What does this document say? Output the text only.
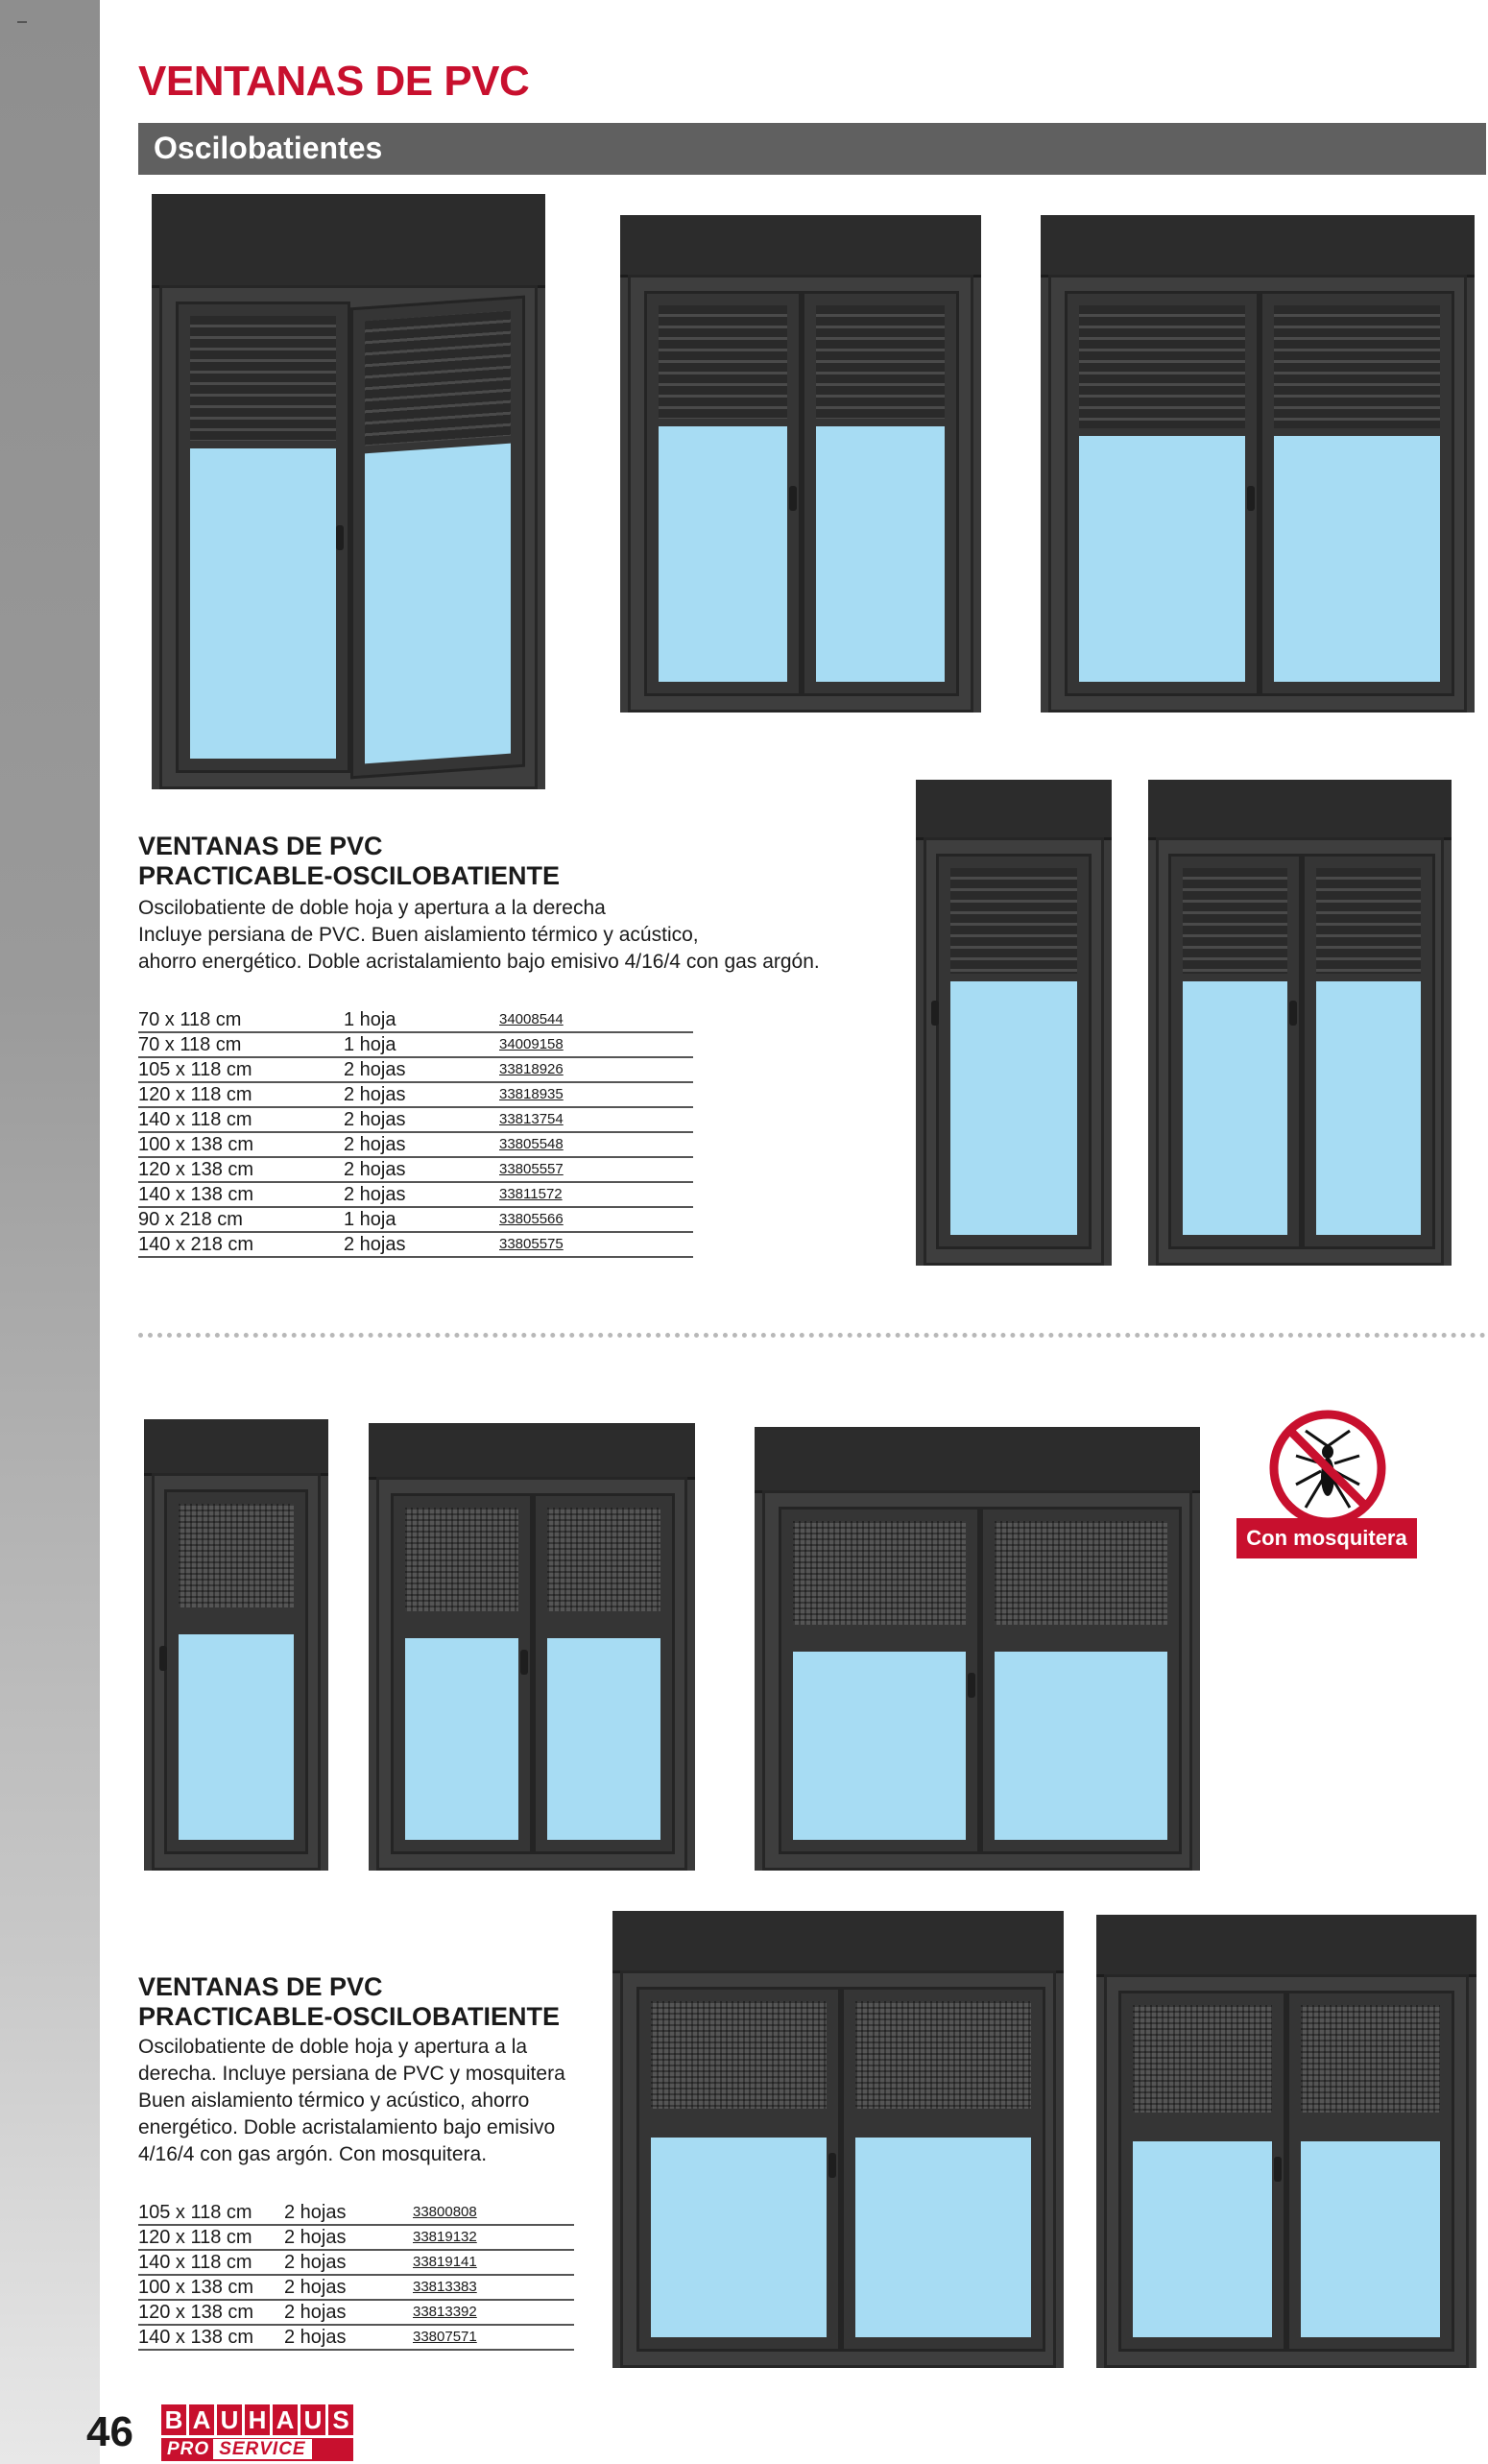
VENTANAS DE PVC
Oscilobatientes
VENTANAS DE PVC
PRACTICABLE-OSCILOBATIENTE

Oscilobatiente de doble hoja y apertura a la derecha
Incluye persiana de PVC. Buen aislamiento térmico y acústico,
ahorro energético. Doble acristalamiento bajo emisivo 4/16/4 con gas argón.

70 x 118 cm	1 hoja	34008544
70 x 118 cm	1 hoja	34009158
105 x 118 cm	2 hojas	33818926
120 x 118 cm	2 hojas	33818935
140 x 118 cm	2 hojas	33813754
100 x 138 cm	2 hojas	33805548
120 x 138 cm	2 hojas	33805557
140 x 138 cm	2 hojas	33811572
90 x 218 cm	1 hoja	33805566
140 x 218 cm	2 hojas	33805575
Con mosquitera
VENTANAS DE PVC
PRACTICABLE-OSCILOBATIENTE

Oscilobatiente de doble hoja y apertura a la
derecha. Incluye persiana de PVC y mosquitera
Buen aislamiento térmico y acústico, ahorro
energético. Doble acristalamiento bajo emisivo
4/16/4 con gas argón. Con mosquitera.

105 x 118 cm	2 hojas	33800808
120 x 118 cm	2 hojas	33819132
140 x 118 cm	2 hojas	33819141
100 x 138 cm	2 hojas	33813383
120 x 138 cm	2 hojas	33813392
140 x 138 cm	2 hojas	33807571
46 B A U H A U S
PRO SERVICE
